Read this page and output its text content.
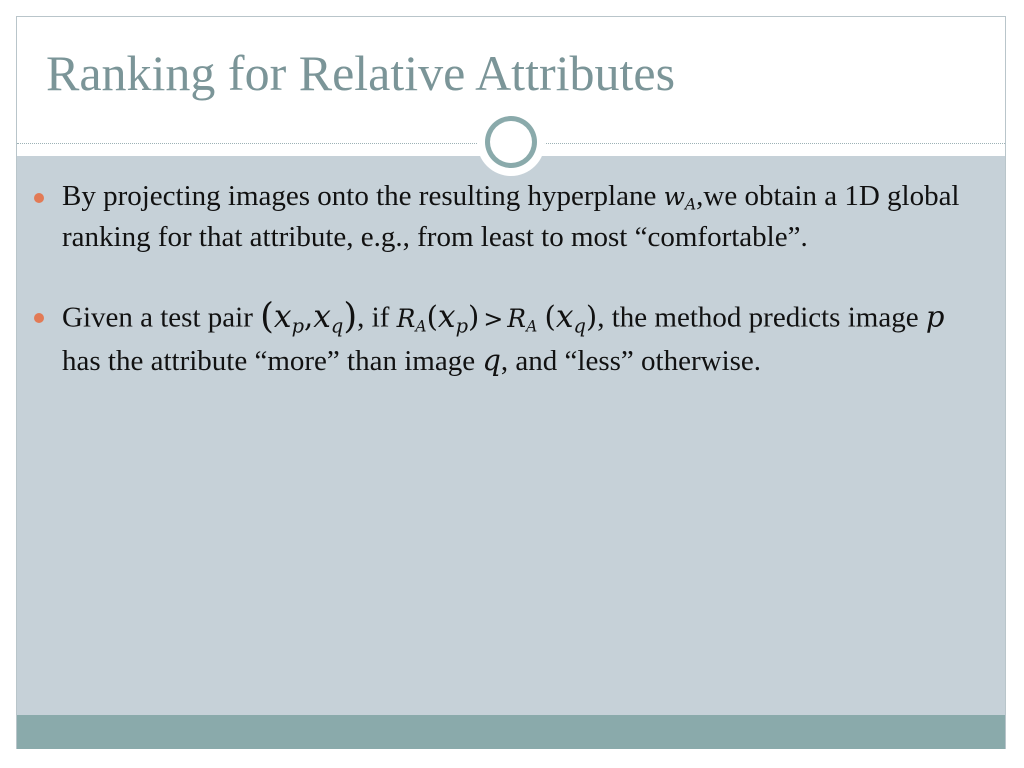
Ranking for Relative Attributes
By projecting images onto the resulting hyperplane $w_A,we$ obtain a 1D global ranking for that attribute, e.g., from least to most “comfortable”.
Given a test pair $(x_p,x_q)$, if $R_A(x_p) > R_A$ $(x_q)$, the method predicts image p has the attribute “more” than image q, and “less” otherwise.
